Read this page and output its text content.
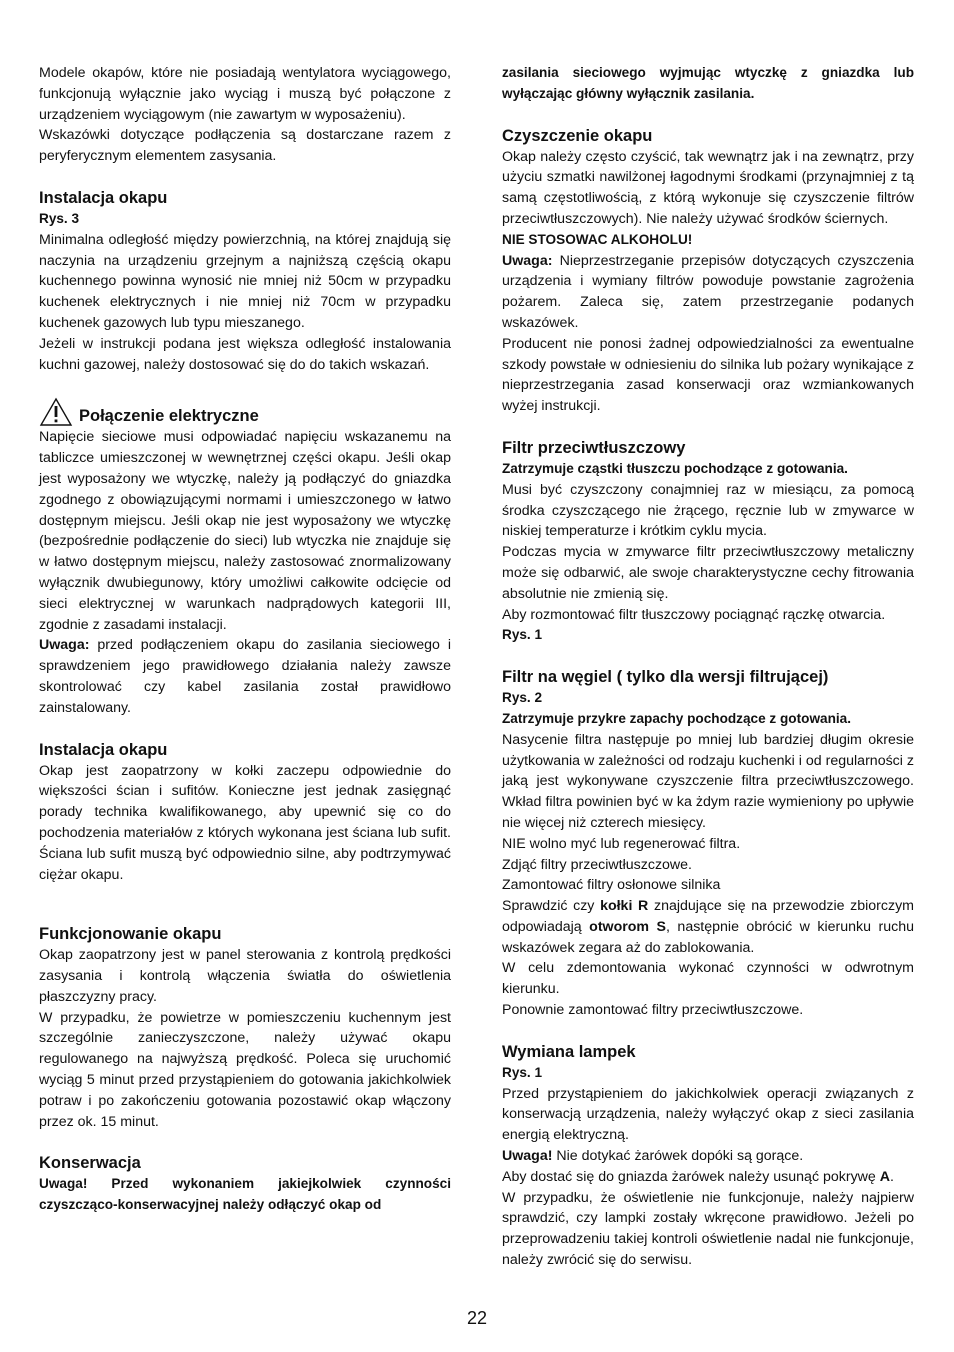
Modele okapów, które nie posiadają wentylatora wyciągowego, funkcjonują wyłącznie jako wyciąg i muszą być połączone z urządzeniem wyciągowym (nie zawartym w wyposażeniu).

Wskazówki dotyczące podłączenia są dostarczane razem z peryferycznym elementem zasysania.

Instalacja okapu

Rys. 3

Minimalna odległość między powierzchnią, na której znajdują się naczynia na urządzeniu grzejnym a najniższą częścią okapu kuchennego powinna wynosić nie mniej niż 50cm w przypadku kuchenek elektrycznych i nie mniej niż 70cm w przypadku kuchenek gazowych lub typu mieszanego.

Jeżeli w instrukcji podana jest większa odległość instalowania kuchni gazowej, należy dostosować się do do takich wskazań.

Połączenie elektryczne

Napięcie sieciowe musi odpowiadać napięciu wskazanemu na tabliczce umieszczonej w wewnętrznej części okapu. Jeśli okap jest wyposażony we wtyczkę, należy ją podłączyć do gniazdka zgodnego z obowiązującymi normami i umieszczonego w łatwo dostępnym miejscu. Jeśli okap nie jest wyposażony we wtyczkę (bezpośrednie podłączenie do sieci) lub wtyczka nie znajduje się w łatwo dostępnym miejscu, należy zastosować znormalizowany wyłącznik dwubiegunowy, który umożliwi całkowite odcięcie od sieci elektrycznej w warunkach nadprądowych kategorii III, zgodnie z zasadami instalacji.

Uwaga: przed podłączeniem okapu do zasilania sieciowego i sprawdzeniem jego prawidłowego działania należy zawsze skontrolować czy kabel zasilania został prawidłowo zainstalowany.

Instalacja okapu

Okap jest zaopatrzony w kołki zaczepu odpowiednie do większości ścian i sufitów. Konieczne jest jednak zasięgnąć porady technika kwalifikowanego, aby upewnić się co do pochodzenia materiałów z których wykonana jest ściana lub sufit. Ściana lub sufit muszą być odpowiednio silne, aby podtrzymywać ciężar okapu.

Funkcjonowanie okapu

Okap zaopatrzony jest w panel sterowania z kontrolą prędkości zasysania i kontrolą włączenia światła do oświetlenia płaszczyzny pracy.

W przypadku, że powietrze w pomieszczeniu kuchennym jest szczególnie zanieczyszczone, należy używać okapu regulowanego na najwyższą prędkość. Poleca się uruchomić wyciąg 5 minut przed przystąpieniem do gotowania jakichkolwiek potraw i po zakończeniu gotowania pozostawić okap włączony przez ok. 15 minut.

Konserwacja

Uwaga! Przed wykonaniem jakiejkolwiek czynności czyszcząco-konserwacyjnej należy odłączyć okap od

zasilania sieciowego wyjmując wtyczkę z gniazdka lub wyłączając główny wyłącznik zasilania.

Czyszczenie okapu

Okap należy często czyścić, tak wewnątrz jak i na zewnątrz, przy użyciu szmatki nawilżonej łagodnymi środkami (przynajmniej z tą samą częstotliwością, z którą wykonuje się czyszczenie filtrów przeciwtłuszczowych). Nie należy używać środków ściernych.

NIE STOSOWAC ALKOHOLU!

Uwaga: Nieprzestrzeganie przepisów dotyczących czyszczenia urządzenia i wymiany filtrów powoduje powstanie zagrożenia pożarem. Zaleca się, zatem przestrzeganie podanych wskazówek.

Producent nie ponosi żadnej odpowiedzialności za ewentualne szkody powstałe w odniesieniu do silnika lub pożary wynikające z nieprzestrzegania zasad konserwacji oraz wzmiankowanych wyżej instrukcji.

Filtr przeciwtłuszczowy

Zatrzymuje cząstki tłuszczu pochodzące z gotowania.

Musi być czyszczony conajmniej raz w miesiącu, za pomocą środka czyszczącego nie żrącego, ręcznie lub w zmywarce w niskiej temperaturze i krótkim cyklu mycia.

Podczas mycia w zmywarce filtr przeciwtłuszczowy metaliczny może się odbarwić, ale swoje charakterystyczne cechy fitrowania absolutnie nie zmienią się.

Aby rozmontować filtr tłuszczowy pociągnąć rączkę otwarcia.

Rys. 1

Filtr na węgiel ( tylko dla wersji filtrującej)

Rys. 2

Zatrzymuje przykre zapachy pochodzące z gotowania.

Nasycenie filtra następuje po mniej lub bardziej długim okresie użytkowania w zależności od rodzaju kuchenki i od regularności z jaką jest wykonywane czyszczenie filtra przeciwtłuszczowego. Wkład filtra powinien być w ka żdym razie wymieniony po upływie nie więcej niż czterech miesięcy.

NIE wolno myć lub regenerować filtra.

Zdjąć filtry przeciwtłuszczowe.

Zamontować filtry osłonowe silnika

Sprawdzić czy kołki R znajdujące się na przewodzie zbiorczym odpowiadają otworom S, następnie obrócić w kierunku ruchu wskazówek zegara aż do zablokowania.

W celu zdemontowania wykonać czynności w odwrotnym kierunku.

Ponownie zamontować filtry przeciwtłuszczowe.

Wymiana lampek

Rys. 1

Przed przystąpieniem do jakichkolwiek operacji związanych z konserwacją urządzenia, należy wyłączyć okap z sieci zasilania energią elektryczną.

Uwaga! Nie dotykać żarówek dopóki są gorące.

Aby dostać się do gniazda żarówek należy usunąć pokrywę A.

W przypadku, że oświetlenie nie funkcjonuje, należy najpierw sprawdzić, czy lampki zostały wkręcone prawidłowo. Jeżeli po przeprowadzeniu takiej kontroli oświetlenie nadal nie funkcjonuje, należy zwrócić się do serwisu.

22
